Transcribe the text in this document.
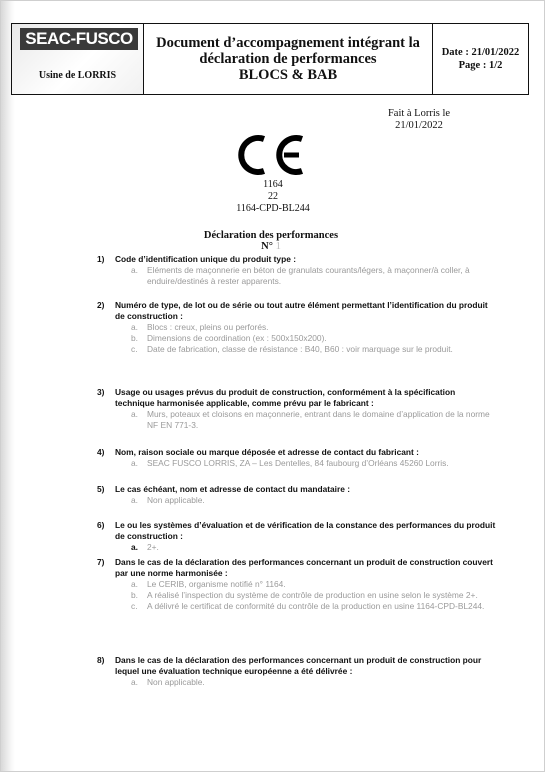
SEAC-FUSCO
Usine de LORRIS
Document d’accompagnement intégrant la
déclaration de performances
BLOCS & BAB
Date : 21/01/2022
Page : 1/2
Fait à Lorris le
21/01/2022
1164
22
1164-CPD-BL244
Déclaration des performances
N° 1
1)	Code d’identification unique du produit type :
a.	Eléments de maçonnerie en béton de granulats courants/légers, à maçonner/à coller, à enduire/destinés à rester apparents.
2)	Numéro de type, de lot ou de série ou tout autre élément permettant l’identification du produit de construction :
a.	Blocs : creux, pleins ou perforés.
b.	Dimensions de coordination (ex : 500x150x200).
c.	Date de fabrication, classe de résistance : B40, B60 : voir marquage sur le produit.
3)	Usage ou usages prévus du produit de construction, conformément à la spécification technique harmonisée applicable, comme prévu par le fabricant :
a.	Murs, poteaux et cloisons en maçonnerie, entrant dans le domaine d’application de la norme NF EN 771-3.
4)	Nom, raison sociale ou marque déposée et adresse de contact du fabricant :
a.	SEAC FUSCO LORRIS, ZA – Les Dentelles, 84 faubourg d’Orléans 45260 Lorris.
5)	Le cas échéant, nom et adresse de contact du mandataire :
a.	Non applicable.
6)	Le ou les systèmes d’évaluation et de vérification de la constance des performances du produit de construction :
a.	2+.
7)	Dans le cas de la déclaration des performances concernant un produit de construction couvert par une norme harmonisée :
a.	Le CERIB, organisme notifié n° 1164.
b.	A réalisé l’inspection du système de contrôle de production en usine selon le système 2+.
c.	A délivré le certificat de conformité du contrôle de la production en usine 1164-CPD-BL244.
8)	Dans le cas de la déclaration des performances concernant un produit de construction pour lequel une évaluation technique européenne a été délivrée :
a.	Non applicable.
